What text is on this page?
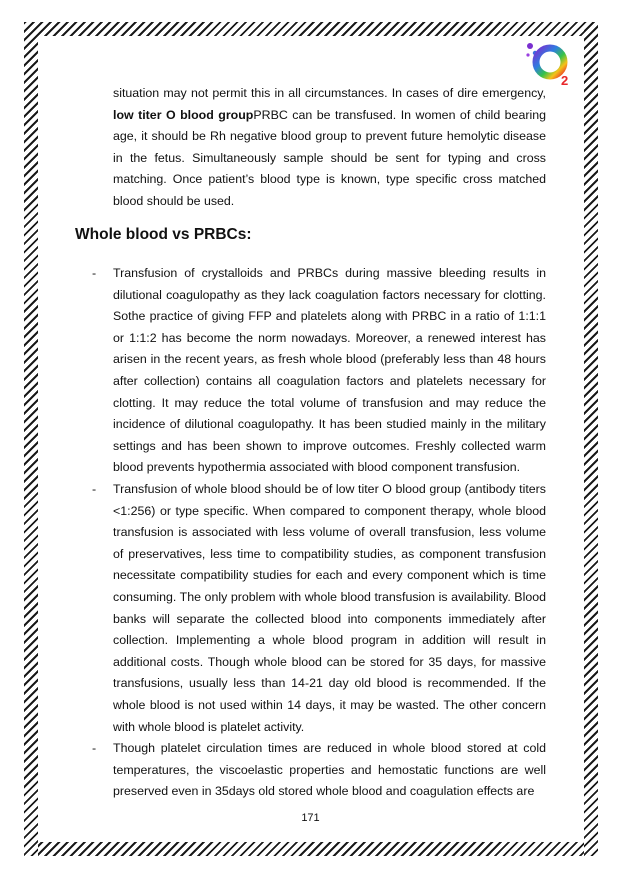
2

situation may not permit this in all circumstances. In cases of dire emergency, low titer O blood groupPRBC can be transfused. In women of child bearing age, it should be Rh negative blood group to prevent future hemolytic disease in the fetus. Simultaneously sample should be sent for typing and cross matching. Once patient’s blood type is known, type specific cross matched blood should be used.

Whole blood vs PRBCs:
- Transfusion of crystalloids and PRBCs during massive bleeding results in dilutional coagulopathy as they lack coagulation factors necessary for clotting. Sothe practice of giving FFP and platelets along with PRBC in a ratio of 1:1:1 or 1:1:2 has become the norm nowadays. Moreover, a renewed interest has arisen in the recent years, as fresh whole blood (preferably less than 48 hours after collection) contains all coagulation factors and platelets necessary for clotting. It may reduce the total volume of transfusion and may reduce the incidence of dilutional coagulopathy. It has been studied mainly in the military settings and has been shown to improve outcomes. Freshly collected warm blood prevents hypothermia associated with blood component transfusion.

- Transfusion of whole blood should be of low titer O blood group (antibody titers <1:256) or type specific. When compared to component therapy, whole blood transfusion is associated with less volume of overall transfusion, less volume of preservatives, less time to compatibility studies, as component transfusion necessitate compatibility studies for each and every component which is time consuming. The only problem with whole blood transfusion is availability. Blood banks will separate the collected blood into components immediately after collection. Implementing a whole blood program in addition will result in additional costs. Though whole blood can be stored for 35 days, for massive transfusions, usually less than 14-21 day old blood is recommended. If the whole blood is not used within 14 days, it may be wasted. The other concern with whole blood is platelet activity.

- Though platelet circulation times are reduced in whole blood stored at cold temperatures, the viscoelastic properties and hemostatic functions are well preserved even in 35days old stored whole blood and coagulation effects are

171
